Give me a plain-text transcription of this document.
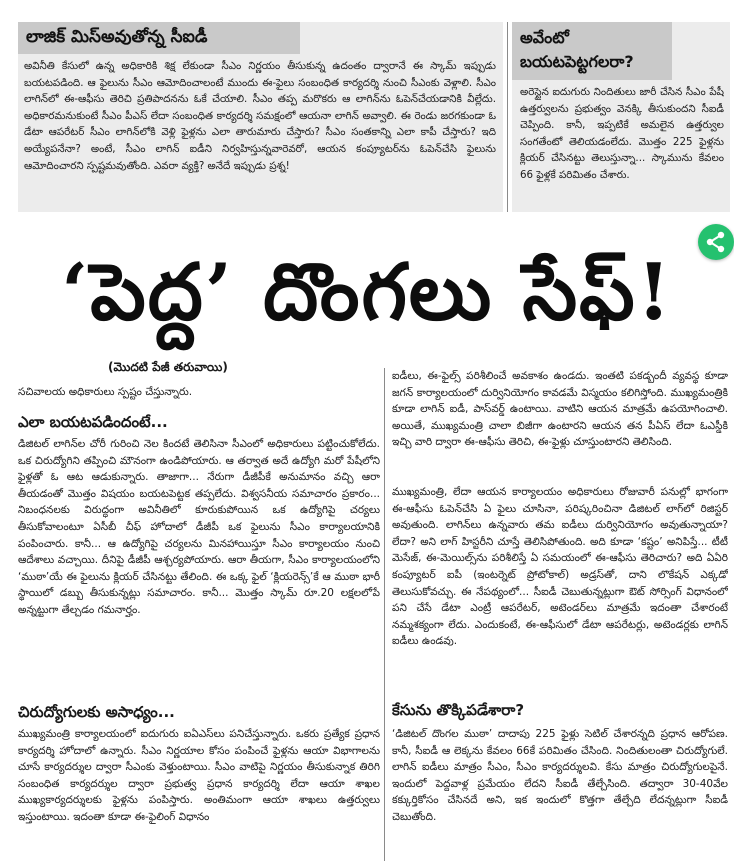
లాజిక్ మిస్అవుతోన్న సీఐడీ

అవినీతి కేసులో ఉన్న అధికారికి శిక్ష లేకుండా సీఎం నిర్ణయం తీసుకున్న ఉదంతం ద్వారానే ఈ స్కామ్ ఇప్పుడు బయటపడింది. ఆ ఫైలును సీఎం ఆమోదించాలంటే ముందు ఈ-ఫైలు సంబంధిత కార్యదర్శి నుంచి సీఎంకు వెళ్లాలి. సీఎం లాగిన్‌లో ఈ-ఆఫీసు తెరిచి ప్రతిపాదనను ఓకే చేయాలి. సీఎం తప్ప మరొకరు ఆ లాగిన్‌ను ఓపెన్‌చేయడానికి వీల్లేదు. అధికారమనుకుంటే సీఎం పీఎస్ లేదా సంబంధిత కార్యదర్శి సమక్షంలో ఆయనా లాగిన్ అవ్వాలి. ఈ రెండు జరగకుండా ఓ డేటా ఆపరేటర్ సీఎం లాగిన్‌లోకి వెళ్లి ఫైళ్లను ఎలా తారుమారు చేస్తారు? సీఎం సంతకాన్ని ఎలా కాపీ చేస్తారు? ఇది అయ్యేపనేనా? అంటే, సీఎం లాగిన్ ఐడీని నిర్వహిస్తున్నవారెవరో, ఆయన కంప్యూటర్‌ను ఓపెన్‌చేసి ఫైలును ఆమోదించారని స్పష్టమవుతోంది. ఎవరా వ్యక్తి? అనేదే ఇప్పుడు ప్రశ్న!

అవేంటో బయటపెట్టగలరా?

అరెస్టైన ఐదుగురు నిందితులు జారీ చేసిన సీఎం పేషీ ఉత్తర్వులను ప్రభుత్వం వెనక్కి తీసుకుందని సీఐడీ చెప్పింది. కానీ, ఇప్పటికే అమలైన ఉత్తర్వుల సంగతేంటో తెలియడంలేదు. మొత్తం 225 ఫైళ్లను క్లియర్ చేసినట్టు తెలుస్తున్నా... స్కామును కేవలం 66 ఫైళ్లకే పరిమితం చేశారు.

‘పెద్ద’ దొంగలు సేఫ్!
(మొదటి పేజీ తరువాయి)

సచివాలయ అధికారులు స్పష్టం చేస్తున్నారు.

ఎలా బయటపడిందంటే...

డిజిటల్ లాగిన్‌ల చోరీ గురించి నెల కిందటే తెలిసినా సీఎంలో అధికారులు పట్టించుకోలేదు. ఒక చిరుద్యోగిని తప్పించి మౌనంగా ఉండిపోయారు. ఆ తర్వాత అదే ఉద్యోగి మరో పేషీలోని ఫైళ్లతో ఓ ఆట ఆడుకున్నారు. తాజాగా... నేరుగా డీజీపీకే అనుమానం వచ్చి ఆరా తీయడంతో మొత్తం విషయం బయటపెట్టక తప్పలేదు. విశ్వసనీయ సమాచారం ప్రకారం... నిబంధనలకు విరుద్ధంగా అవినీతిలో కూరుకుపోయిన ఒక ఉద్యోగిపై చర్యలు తీసుకోవాలంటూ ఏసీబీ చీఫ్ హోదాలో డీజీపీ ఒక ఫైలును సీఎం కార్యాలయానికి పంపించారు. కానీ... ఆ ఉద్యోగిపై చర్యలను మినహాయిస్తూ సీఎం కార్యాలయం నుంచి ఆదేశాలు వచ్చాయి. దీనిపై డీజీపీ ఆశ్చర్యపోయారు. ఆరా తీయగా, సీఎం కార్యాలయంలోని ‘ముఠా’యే ఈ ఫైలును క్లియర్ చేసినట్టు తేలింది. ఈ ఒక్క ఫైల్ ‘క్లియరెన్స్’కే ఆ ముఠా భారీ స్థాయిలో డబ్బు తీసుకున్నట్లు సమాచారం. కానీ... మొత్తం స్కామ్ రూ.20 లక్షలలోపే అన్నట్టుగా తేల్చడం గమనార్హం.

చిరుద్యోగులకు అసాధ్యం...

ముఖ్యమంత్రి కార్యాలయంలో ఐదుగురు ఐఏఎస్‌లు పనిచేస్తున్నారు. ఒకరు ప్రత్యేక ప్రధాన కార్యదర్శి హోదాలో ఉన్నారు. సీఎం నిర్ణయాల కోసం పంపించే ఫైళ్లను ఆయా విభాగాలను చూసే కార్యదర్శుల ద్వారా సీఎంకు వెళ్తుంటాయి. సీఎం వాటిపై నిర్ణయం తీసుకున్నాక తిరిగి సంబంధిత కార్యదర్శుల ద్వారా ప్రభుత్వ ప్రధాన కార్యదర్శి లేదా ఆయా శాఖల ముఖ్యకార్యదర్శులకు ఫైళ్లను పంపిస్తారు. అంతిమంగా ఆయా శాఖలు ఉత్తర్వులు ఇస్తుంటాయి. ఇదంతా కూడా ఈ-ఫైలింగ్ విధానం

ఐడీలు, ఈ-ఫైల్స్ పరిశీలించే అవకాశం ఉండదు. ఇంతటి పకడ్బందీ వ్యవస్థ కూడా జగన్ కార్యాలయంలో దుర్వినియోగం కావడమే విస్మయం కలిగిస్తోంది. ముఖ్యమంత్రికి కూడా లాగిన్ ఐడీ, పాస్‌వర్డ్ ఉంటాయి. వాటిని ఆయన మాత్రమే ఉపయోగించాలి. అయితే, ముఖ్యమంత్రి చాలా బిజీగా ఉంటారని ఆయన తన పీఏస్ లేదా ఓఎస్డీకి ఇచ్చి వారి ద్వారా ఈ-ఆఫీసు తెరిచి, ఈ-ఫైళ్లు చూస్తుంటారని తెలిసింది.

ముఖ్యమంత్రి, లేదా ఆయన కార్యాలయం అధికారులు రోజువారీ పనుల్లో భాగంగా ఈ-ఆఫీసు ఓపెన్‌చేసి ఏ ఫైలు చూసినా, పరిష్కరించినా డిజిటల్ లాగ్‌లో రిజిస్టర్ అవుతుంది. లాగిన్‌లు ఉన్నవారు తమ ఐడీలు దుర్వినియోగం అవుతున్నాయా? లేదా? అని లాగ్ హిస్టరీని చూస్తే తెలిసిపోతుంది. అది కూడా ‘కష్టం’ అనిపిస్తే... టీటీ మెసేజ్, ఈ-మెయిల్స్‌ను పరిశీలిస్తే ఏ సమయంలో ఈ-ఆఫీసు తెరిచారు? అది ఏఏరి కంప్యూటర్ ఐపీ (ఇంటర్నెట్ ప్రోటోకాల్) అడ్రస్‌తో, దాని లొకేషన్ ఎక్కడో తెలుసుకోవచ్చు. ఈ నేపథ్యంలో... సీఐడీ చెబుతున్నట్లుగా ఔట్ సోర్సింగ్ విధానంలో పని చేసే డేటా ఎంట్రీ ఆపరేటర్, అటెండర్‌లు మాత్రమే ఇదంతా చేశారంటే నమ్మశక్యంగా లేదు. ఎందుకంటే, ఈ-ఆఫీసులో డేటా ఆపరేటర్లు, అటెండర్లకు లాగిన్ ఐడీలు ఉండవు.

కేసును తొక్కిపడేశారా?

‘డిజిటల్ దొంగల ముఠా’ దాదాపు 225 ఫైళ్లు సెటిల్ చేశారన్నది ప్రధాన ఆరోపణ. కానీ, సీఐడీ ఆ లెక్కను కేవలం 66కే పరిమితం చేసింది. నిందితులంతా చిరుద్యోగులే. లాగిన్ ఐడీలు మాత్రం సీఎం, సీఎం కార్యదర్శులవి. కేసు మాత్రం చిరుద్యోగులపైనే. ఇందులో పెద్దవాళ్ల ప్రమేయం లేదని సీఐడీ తేల్చేసింది. తద్వారా 30-40వేల కక్కుర్తికోసం చేసినదే అని, ఇక ఇందులో కొత్తగా తేల్చేది లేదన్నట్లుగా సీఐడీ చెబుతోంది.
